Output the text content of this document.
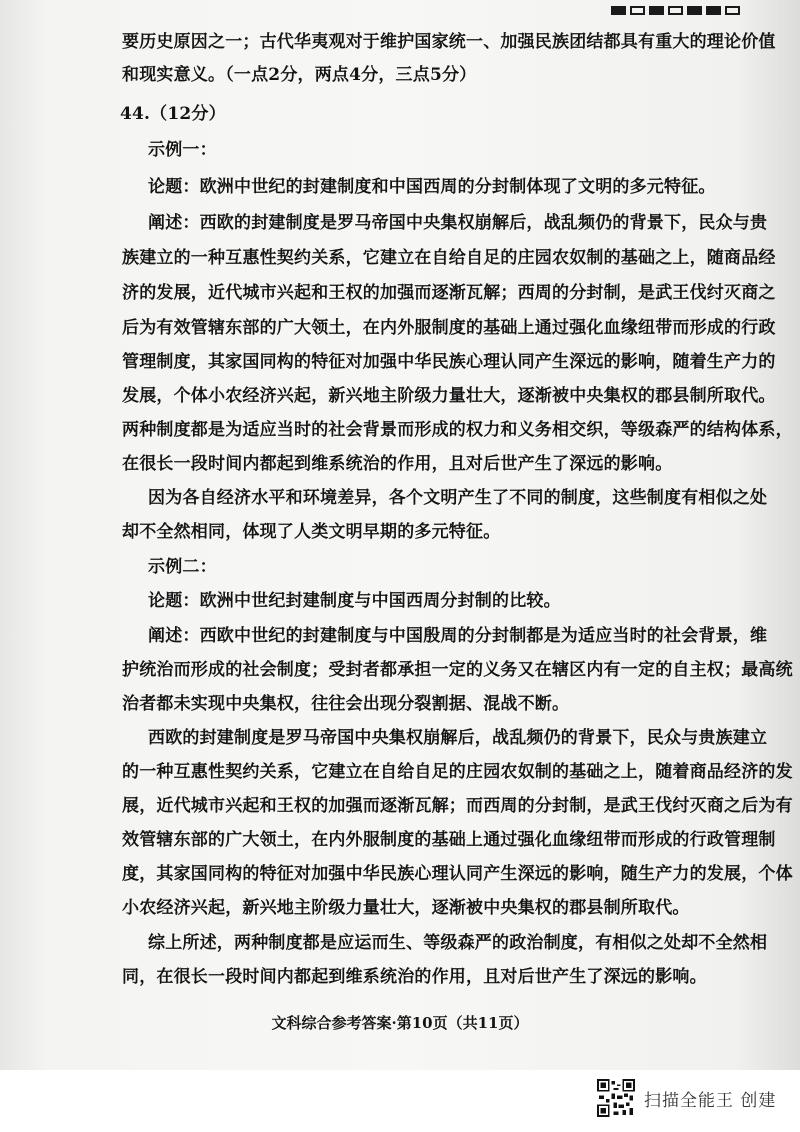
要历史原因之一；古代华夷观对于维护国家统一、加强民族团结都具有重大的理论价值
和现实意义。（一点2分，两点4分，三点5分）
44.（12分）
示例一：
论题：欧洲中世纪的封建制度和中国西周的分封制体现了文明的多元特征。
阐述：西欧的封建制度是罗马帝国中央集权崩解后，战乱频仍的背景下，民众与贵
族建立的一种互惠性契约关系，它建立在自给自足的庄园农奴制的基础之上，随商品经
济的发展，近代城市兴起和王权的加强而逐渐瓦解；西周的分封制，是武王伐纣灭商之
后为有效管辖东部的广大领土，在内外服制度的基础上通过强化血缘纽带而形成的行政
管理制度，其家国同构的特征对加强中华民族心理认同产生深远的影响，随着生产力的
发展，个体小农经济兴起，新兴地主阶级力量壮大，逐渐被中央集权的郡县制所取代。
两种制度都是为适应当时的社会背景而形成的权力和义务相交织，等级森严的结构体系，
在很长一段时间内都起到维系统治的作用，且对后世产生了深远的影响。
因为各自经济水平和环境差异，各个文明产生了不同的制度，这些制度有相似之处
却不全然相同，体现了人类文明早期的多元特征。
示例二：
论题：欧洲中世纪封建制度与中国西周分封制的比较。
阐述：西欧中世纪的封建制度与中国殷周的分封制都是为适应当时的社会背景，维
护统治而形成的社会制度；受封者都承担一定的义务又在辖区内有一定的自主权；最高统
治者都未实现中央集权，往往会出现分裂割据、混战不断。
西欧的封建制度是罗马帝国中央集权崩解后，战乱频仍的背景下，民众与贵族建立
的一种互惠性契约关系，它建立在自给自足的庄园农奴制的基础之上，随着商品经济的发
展，近代城市兴起和王权的加强而逐渐瓦解；而西周的分封制，是武王伐纣灭商之后为有
效管辖东部的广大领土，在内外服制度的基础上通过强化血缘纽带而形成的行政管理制
度，其家国同构的特征对加强中华民族心理认同产生深远的影响，随生产力的发展，个体
小农经济兴起，新兴地主阶级力量壮大，逐渐被中央集权的郡县制所取代。
综上所述，两种制度都是应运而生、等级森严的政治制度，有相似之处却不全然相
同，在很长一段时间内都起到维系统治的作用，且对后世产生了深远的影响。
文科综合参考答案·第10页（共11页）
扫描全能王 创建
